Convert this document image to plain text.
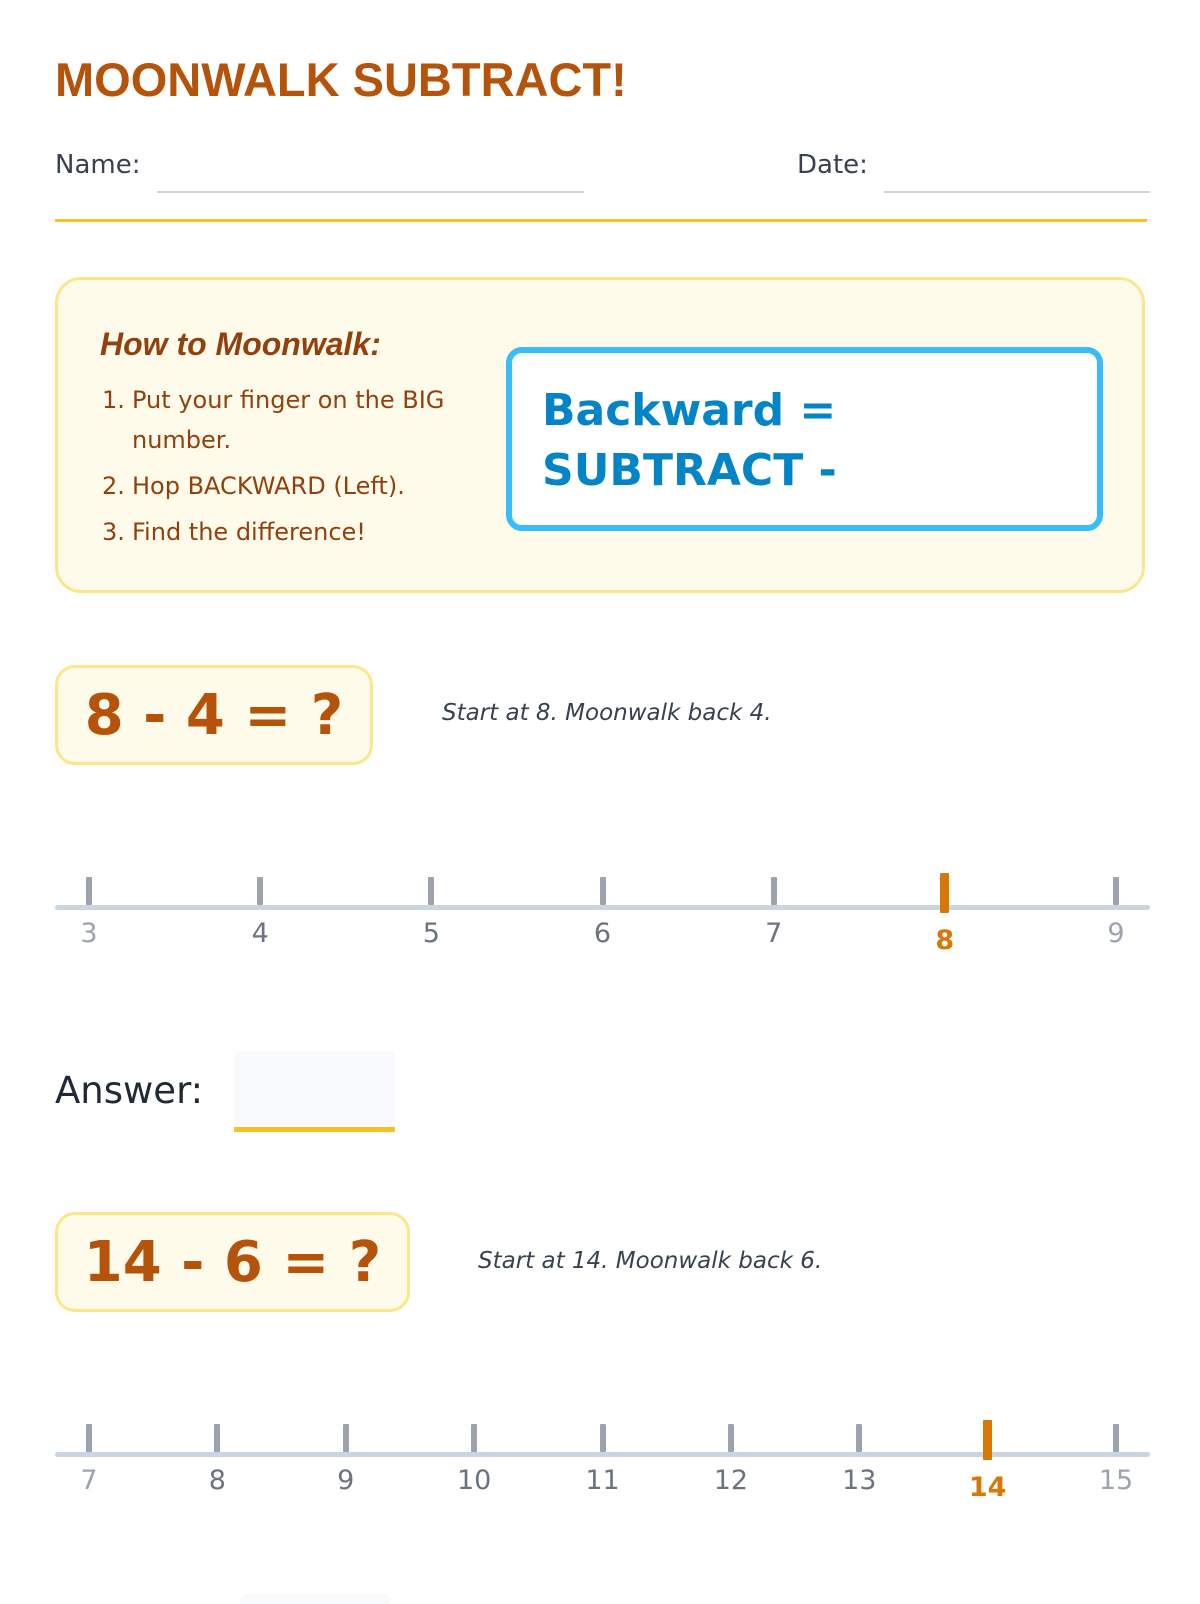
MOONWALK SUBTRACT!
Name:	Date:
How to Moonwalk:
1. Put your finger on the BIG number.
2. Hop BACKWARD (Left).
3. Find the difference!
Backward =
SUBTRACT -
8 - 4 = ?	Start at 8. Moonwalk back 4.
3	4	5	6	7	8	9
Answer:
14 - 6 = ?	Start at 14. Moonwalk back 6.
7	8	9	10	11	12	13	14	15
